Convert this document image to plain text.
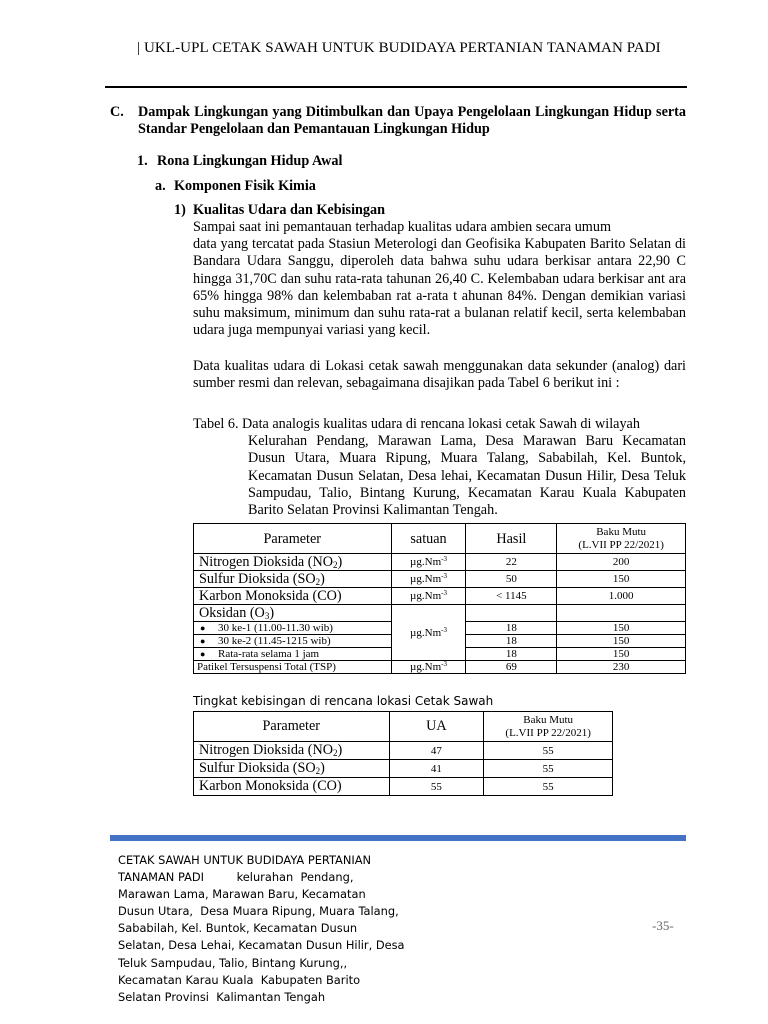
| UKL-UPL CETAK SAWAH UNTUK BUDIDAYA PERTANIAN TANAMAN PADI
C. Dampak Lingkungan yang Ditimbulkan dan Upaya Pengelolaan Lingkungan Hidup serta Standar Pengelolaan dan Pemantauan Lingkungan Hidup
1. Rona Lingkungan Hidup Awal
a. Komponen Fisik Kimia
1) Kualitas Udara dan Kebisingan
Sampai saat ini pemantauan terhadap kualitas udara ambien secara umum
data yang tercatat pada Stasiun Meterologi dan Geofisika Kabupaten Barito Selatan di Bandara Udara Sanggu, diperoleh data bahwa suhu udara berkisar antara 22,90 C hingga 31,70C dan suhu rata-rata tahunan 26,40 C. Kelembaban udara berkisar ant ara 65% hingga 98% dan kelembaban rat a-rata t ahunan 84%. Dengan demikian variasi suhu maksimum, minimum dan suhu rata-rat a bulanan relatif kecil, serta kelembaban udara juga mempunyai variasi yang kecil.
Data kualitas udara di Lokasi cetak sawah menggunakan data sekunder (analog) dari sumber resmi dan relevan, sebagaimana disajikan pada Tabel 6 berikut ini :
Tabel 6. Data analogis kualitas udara di rencana lokasi cetak Sawah di wilayah
Kelurahan Pendang, Marawan Lama, Desa Marawan Baru Kecamatan Dusun Utara, Muara Ripung, Muara Talang, Sababilah, Kel. Buntok, Kecamatan Dusun Selatan, Desa lehai, Kecamatan Dusun Hilir, Desa Teluk Sampudau, Talio, Bintang Kurung, Kecamatan Karau Kuala Kabupaten Barito Selatan Provinsi Kalimantan Tengah.
Parameter	satuan	Hasil	Baku Mutu
(L.VII PP 22/2021)

Nitrogen Dioksida $(NO_2)$	$\mu g.Nm^{-3}$	22	200
Sulfur Dioksida $(SO_2)$	$\mu g.Nm^{-3}$	50	150
Karbon Monoksida (CO)	$\mu g.Nm^{-3}$	< 1145	1.000
Oksidan $(O_3)$	$\mu g.Nm^{-3}$		
● 30 ke-1 (11.00-11.30 wib)		18	150
● 30 ke-2 (11.45-1215 wib)		18	150
● Rata-rata selama 1 jam		18	150
Patikel Tersuspensi Total (TSP)	$\mu g.Nm^{-3}$	69	230
Tingkat kebisingan di rencana lokasi Cetak Sawah
Parameter	UA	Baku Mutu
(L.VII PP 22/2021)

Nitrogen Dioksida $(NO_2)$	47	55
Sulfur Dioksida $(SO_2)$	41	55
Karbon Monoksida (CO)	55	55
CETAK SAWAH UNTUK BUDIDAYA PERTANIAN
TANAMAN PADI         kelurahan  Pendang,
Marawan Lama, Marawan Baru, Kecamatan
Dusun Utara,  Desa Muara Ripung, Muara Talang,
Sababilah, Kel. Buntok, Kecamatan Dusun
Selatan, Desa Lehai, Kecamatan Dusun Hilir, Desa
Teluk Sampudau, Talio, Bintang Kurung,,
Kecamatan Karau Kuala  Kabupaten Barito
Selatan Provinsi  Kalimantan Tengah
-35-
